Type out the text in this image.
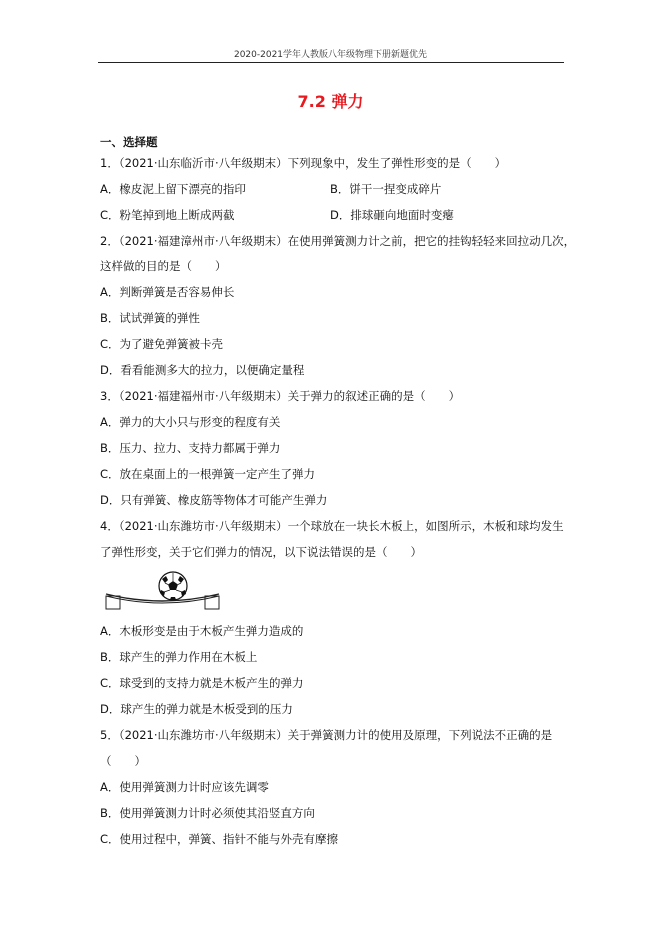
2020-2021学年人教版八年级物理下册新题优先
7.2 弹力
一、选择题
1．（2021·山东临沂市·八年级期末）下列现象中，发生了弹性形变的是（　　）
A．橡皮泥上留下漂亮的指印	B．饼干一捏变成碎片
C．粉笔掉到地上断成两截	D．排球砸向地面时变瘪
2．（2021·福建漳州市·八年级期末）在使用弹簧测力计之前，把它的挂钩轻轻来回拉动几次，
这样做的目的是（　　）
A．判断弹簧是否容易伸长
B．试试弹簧的弹性
C．为了避免弹簧被卡壳
D．看看能测多大的拉力，以便确定量程
3．（2021·福建福州市·八年级期末）关于弹力的叙述正确的是（　　）
A．弹力的大小只与形变的程度有关
B．压力、拉力、支持力都属于弹力
C．放在桌面上的一根弹簧一定产生了弹力
D．只有弹簧、橡皮筋等物体才可能产生弹力
4．（2021·山东潍坊市·八年级期末）一个球放在一块长木板上，如图所示，木板和球均发生
了弹性形变，关于它们弹力的情况，以下说法错误的是（　　）
A．木板形变是由于木板产生弹力造成的
B．球产生的弹力作用在木板上
C．球受到的支持力就是木板产生的弹力
D．球产生的弹力就是木板受到的压力
5．（2021·山东潍坊市·八年级期末）关于弹簧测力计的使用及原理，下列说法不正确的是
（　　）
A．使用弹簧测力计时应该先调零
B．使用弹簧测力计时必须使其沿竖直方向
C．使用过程中，弹簧、指针不能与外壳有摩擦
